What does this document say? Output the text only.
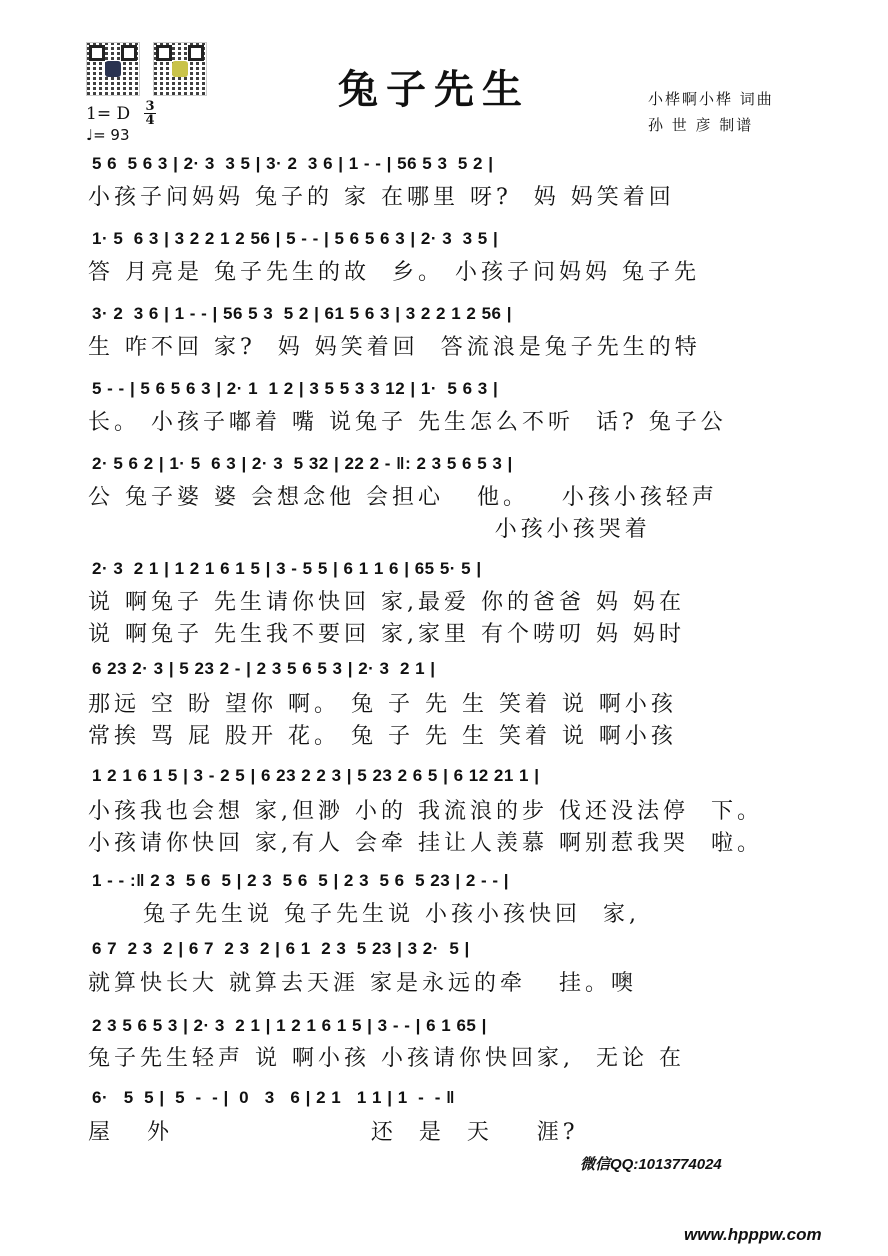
兔子先生	小桦啊小桦 词曲
孙 世 彦 制谱
1= D 3
4
♩= 93
5 6  5 6 3 | 2· 3  3 5 | 3· 2  3 6 | 1 - - | 56 5 3  5 2 |
小孩子问妈妈 兔子的 家 在哪里 呀?  妈 妈笑着回
1· 5  6 3 | 3 2 2 1 2 56 | 5 - - | 5 6 5 6 3 | 2· 3  3 5 |
答 月亮是 兔子先生的故  乡。 小孩子问妈妈 兔子先
3· 2  3 6 | 1 - - | 56 5 3  5 2 | 61 5 6 3 | 3 2 2 1 2 56 |
生 咋不回 家?  妈 妈笑着回  答流浪是兔子先生的特
5 - - | 5 6 5 6 3 | 2· 1  1 2 | 3 5 5 3 3 12 | 1·  5 6 3 |
长。 小孩子嘟着 嘴 说兔子 先生怎么不听  话? 兔子公
2· 5 6 2 | 1· 5  6 3 | 2· 3  5 32 | 22 2 - ‖: 2 3 5 6 5 3 |
公 兔子婆 婆 会想念他 会担心   他。   小孩小孩轻声
小孩小孩哭着
2· 3  2 1 | 1 2 1 6 1 5 | 3 - 5 5 | 6 1 1 6 | 65 5· 5 |
说 啊兔子 先生请你快回 家,最爱 你的爸爸 妈 妈在
说 啊兔子 先生我不要回 家,家里 有个唠叨 妈 妈时
6 23 2· 3 | 5 23 2 - | 2 3 5 6 5 3 | 2· 3  2 1 |
那远 空 盼 望你 啊。 兔 子 先 生 笑着 说 啊小孩
常挨 骂 屁 股开 花。 兔 子 先 生 笑着 说 啊小孩
1 2 1 6 1 5 | 3 - 2 5 | 6 23 2 2 3 | 5 23 2 6 5 | 6 12 21 1 |
小孩我也会想 家,但渺 小的 我流浪的步 伐还没法停  下。
小孩请你快回 家,有人 会牵 挂让人羡慕 啊别惹我哭  啦。
1 - - :‖ 2 3  5 6  5 | 2 3  5 6  5 | 2 3  5 6  5 23 | 2 - - |
兔子先生说 兔子先生说 小孩小孩快回  家,
6 7  2 3  2 | 6 7  2 3  2 | 6 1  2 3  5 23 | 3 2·  5 |
就算快长大 就算去天涯 家是永远的牵   挂。噢
2 3 5 6 5 3 | 2· 3  2 1 | 1 2 1 6 1 5 | 3 - - | 6 1 65 |
兔子先生轻声 说 啊小孩 小孩请你快回家,  无论 在
6·   5  5 |  5  -  - |  0   3   6 | 2 1   1 1 | 1  -  - ‖
屋   外                  还  是  天    涯?
微信QQ:1013774024
www.hpppw.com
